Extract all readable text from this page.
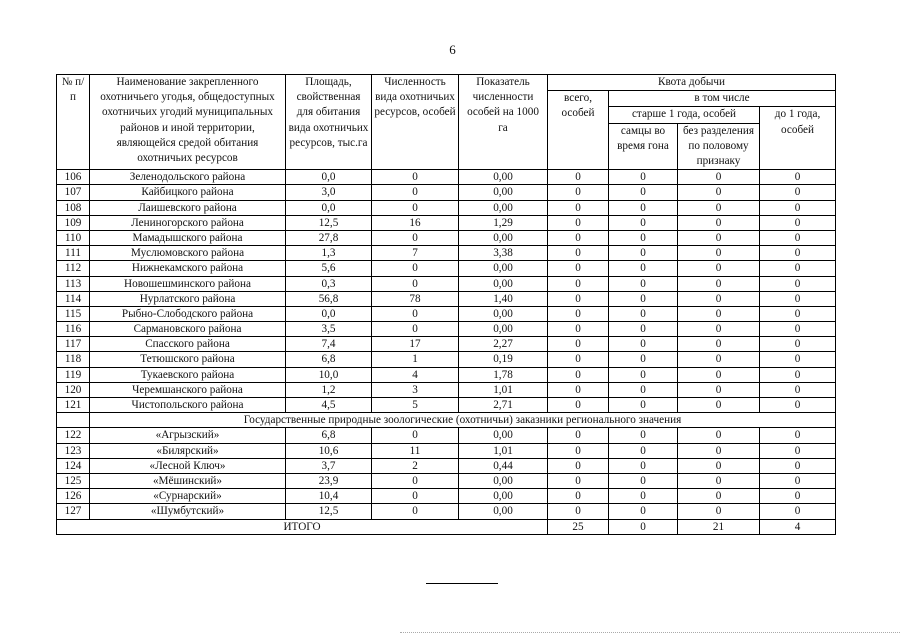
6
№ п/п	Наименование закрепленного охотничьего угодья, общедоступных охотничьих угодий муниципальных районов и иной территории, являющейся средой обитания охотничьих ресурсов	Площадь, свойственная для обитания вида охотничьих ресурсов, тыс.га	Численность вида охотничьих ресурсов, особей	Показатель численности особей на 1000 га	Квота добычи			
					всего, особей	в том числе		
						старше 1 года, особей		до 1 года, особей
						самцы во время гона	без разделения по половому признаку	
106	Зеленодольского района	0,0	0	0,00	0	0	0	0
107	Кайбицкого района	3,0	0	0,00	0	0	0	0
108	Лаишевского района	0,0	0	0,00	0	0	0	0
109	Лениногорского района	12,5	16	1,29	0	0	0	0
110	Мамадышского района	27,8	0	0,00	0	0	0	0
111	Муслюмовского района	1,3	7	3,38	0	0	0	0
112	Нижнекамского района	5,6	0	0,00	0	0	0	0
113	Новошешминского района	0,3	0	0,00	0	0	0	0
114	Нурлатского района	56,8	78	1,40	0	0	0	0
115	Рыбно-Слободского района	0,0	0	0,00	0	0	0	0
116	Сармановского района	3,5	0	0,00	0	0	0	0
117	Спасского района	7,4	17	2,27	0	0	0	0
118	Тетюшского района	6,8	1	0,19	0	0	0	0
119	Тукаевского района	10,0	4	1,78	0	0	0	0
120	Черемшанского района	1,2	3	1,01	0	0	0	0
121	Чистопольского района	4,5	5	2,71	0	0	0	0
	Государственные природные зоологические (охотничьи) заказники регионального значения							
122	«Агрызский»	6,8	0	0,00	0	0	0	0
123	«Билярский»	10,6	11	1,01	0	0	0	0
124	«Лесной Ключ»	3,7	2	0,44	0	0	0	0
125	«Мёшинский»	23,9	0	0,00	0	0	0	0
126	«Сурнарский»	10,4	0	0,00	0	0	0	0
127	«Шумбутский»	12,5	0	0,00	0	0	0	0
ИТОГО					25	0	21	4
